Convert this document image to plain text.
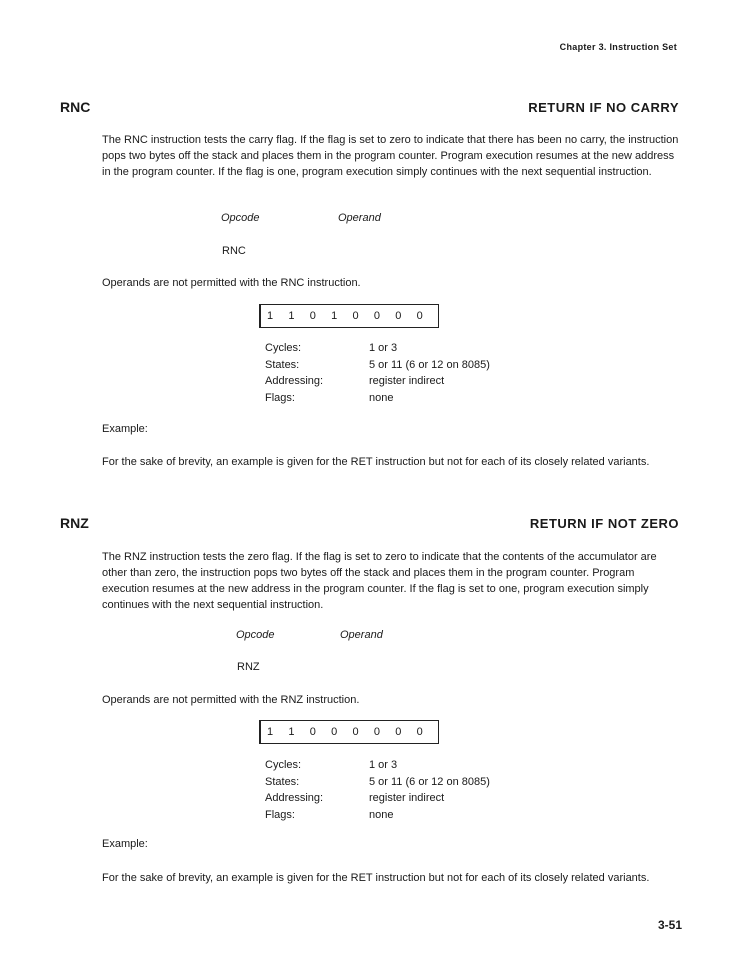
Chapter 3. Instruction Set
RNC	RETURN IF NO CARRY
The RNC instruction tests the carry flag. If the flag is set to zero to indicate that there has been no carry, the instruction pops two bytes off the stack and places them in the program counter. Program execution resumes at the new address in the program counter. If the flag is one, program execution simply continues with the next sequential instruction.
Opcode	Operand
RNC
Operands are not permitted with the RNC instruction.
1	1	0	1	0	0	0	0
Cycles:	1 or 3
States:	5 or 11 (6 or 12 on 8085)
Addressing:	register indirect
Flags:	none
Example:
For the sake of brevity, an example is given for the RET instruction but not for each of its closely related variants.
RNZ	RETURN IF NOT ZERO
The RNZ instruction tests the zero flag. If the flag is set to zero to indicate that the contents of the accumulator are other than zero, the instruction pops two bytes off the stack and places them in the program counter. Program execution resumes at the new address in the program counter. If the flag is set to one, program execution simply continues with the next sequential instruction.
Opcode	Operand
RNZ
Operands are not permitted with the RNZ instruction.
1	1	0	0	0	0	0	0
Cycles:	1 or 3
States:	5 or 11 (6 or 12 on 8085)
Addressing:	register indirect
Flags:	none
Example:
For the sake of brevity, an example is given for the RET instruction but not for each of its closely related variants.
3-51
